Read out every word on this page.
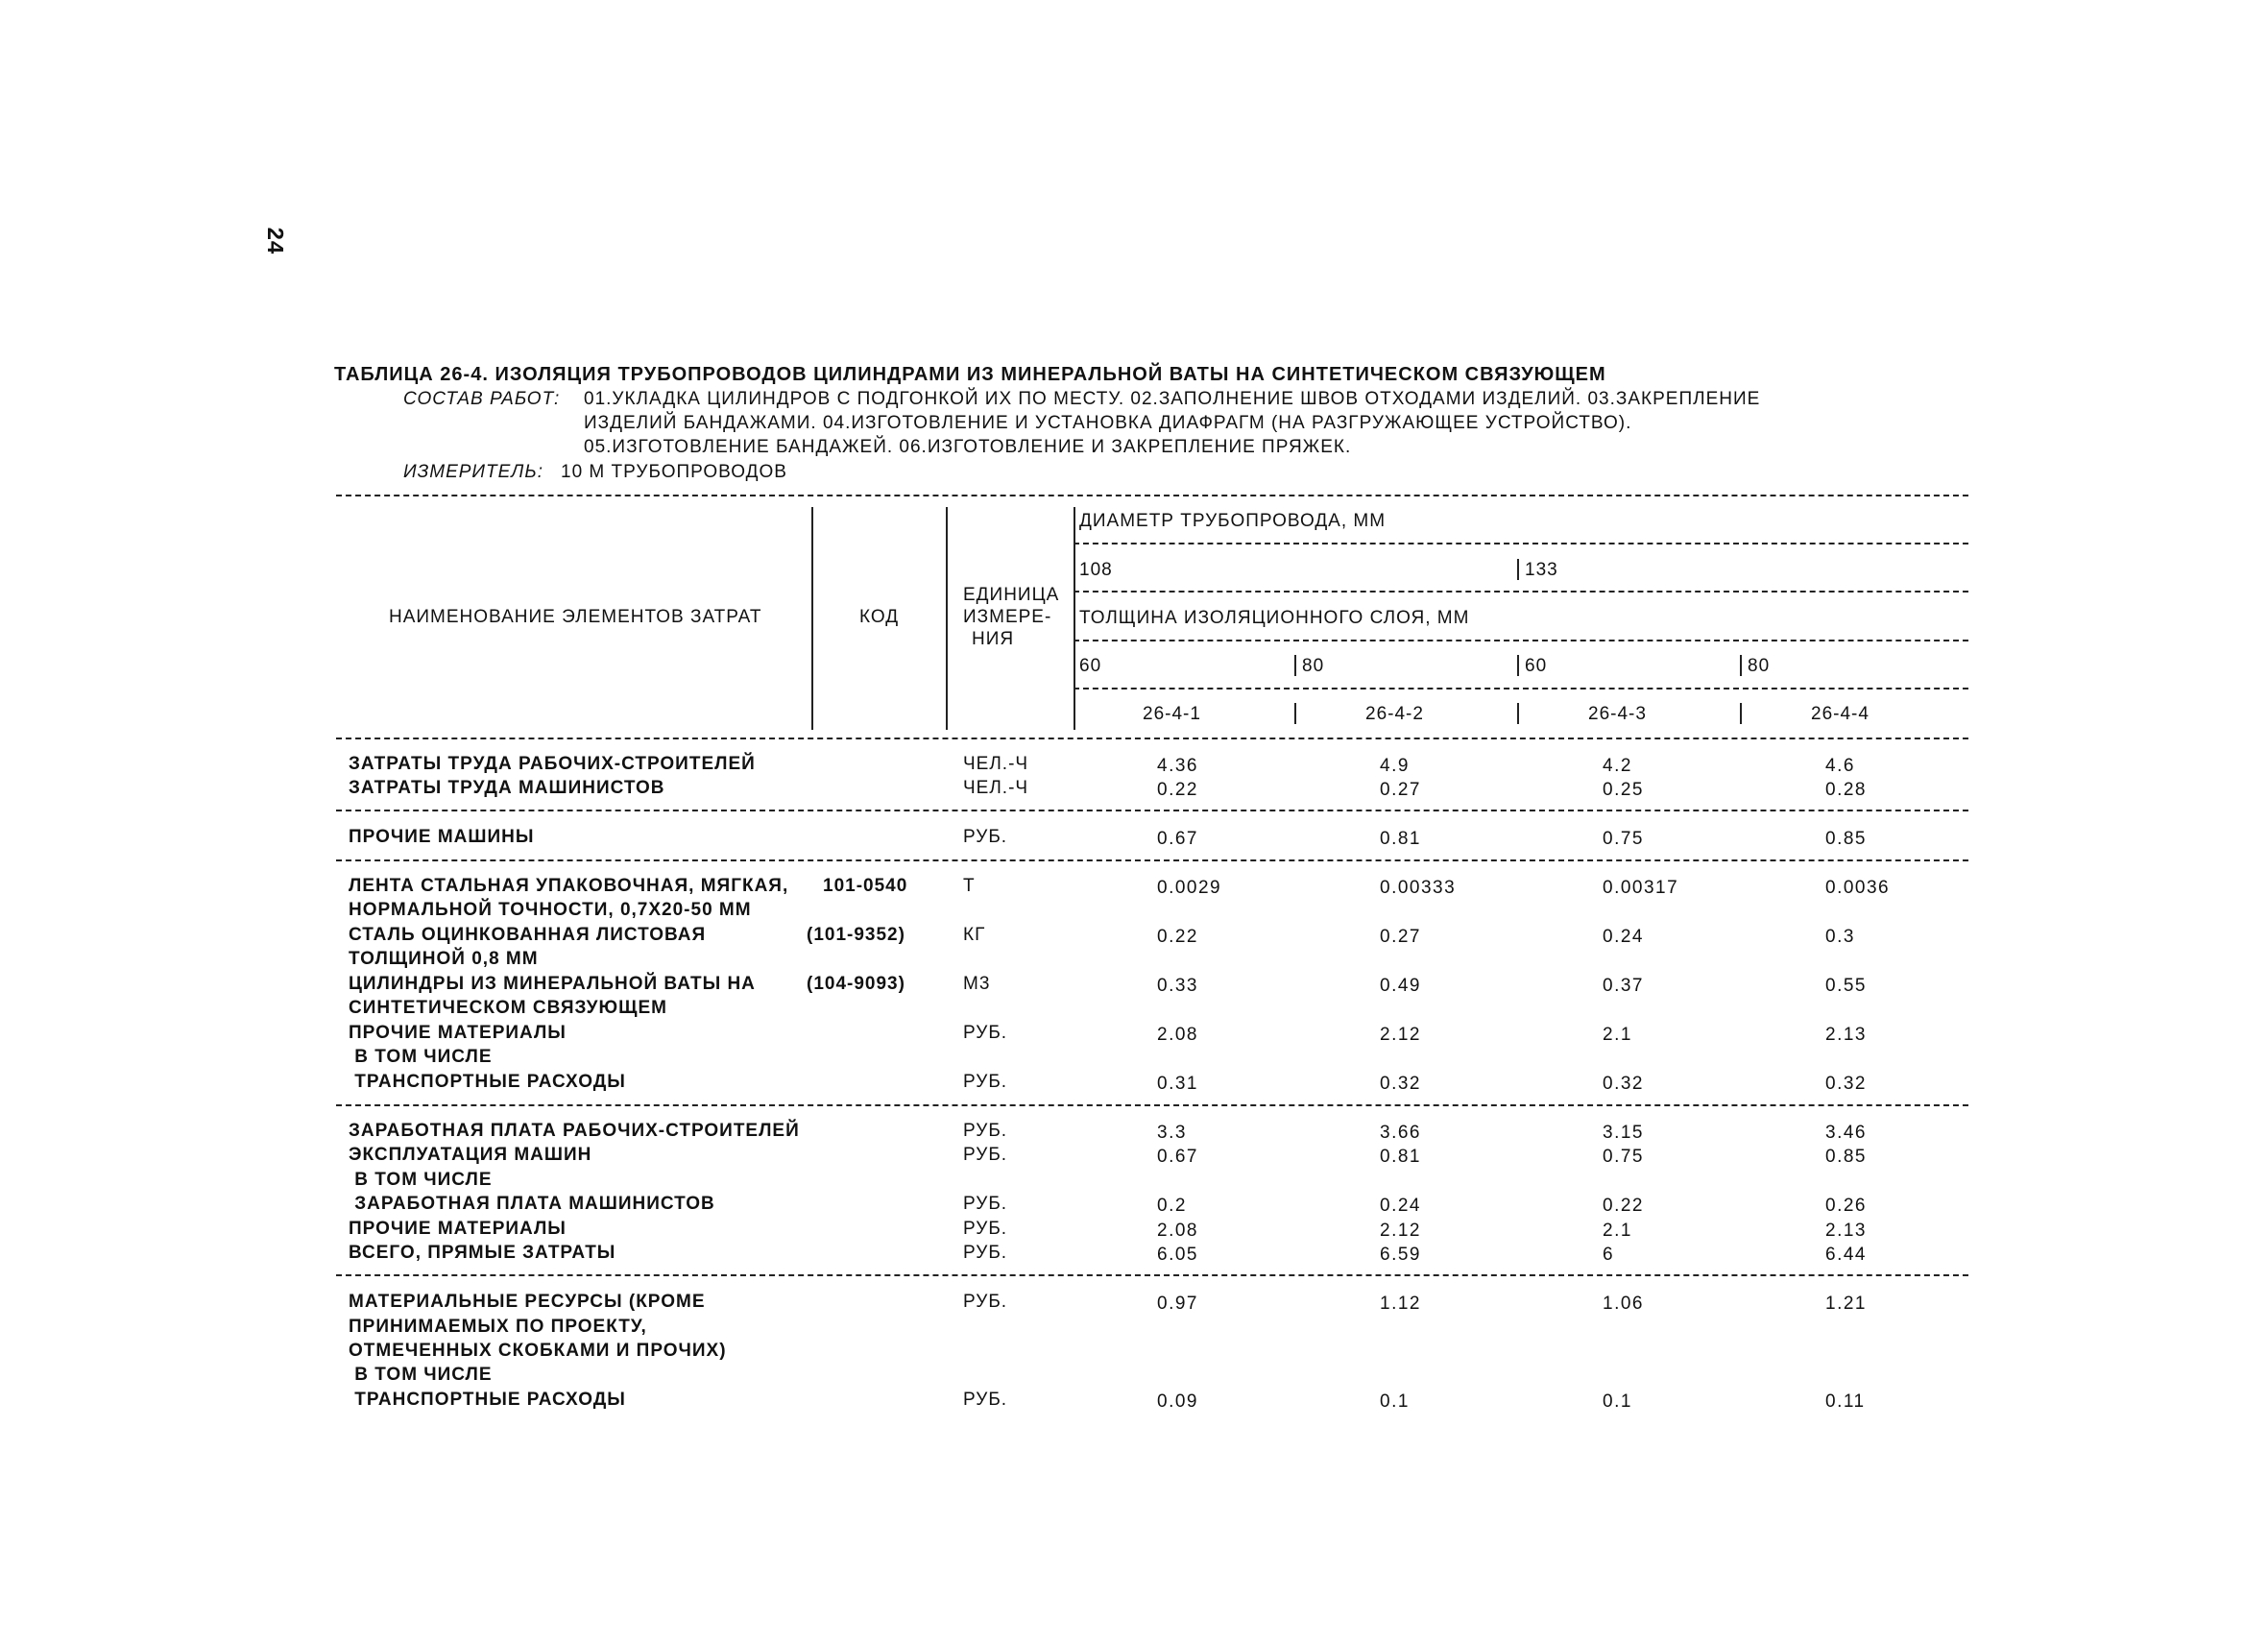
24
ТАБЛИЦА 26-4. ИЗОЛЯЦИЯ ТРУБОПРОВОДОВ ЦИЛИНДРАМИ ИЗ МИНЕРАЛЬНОЙ ВАТЫ НА СИНТЕТИЧЕСКОМ СВЯЗУЮЩЕМ
СОСТАВ РАБОТ: 01.УКЛАДКА ЦИЛИНДРОВ С ПОДГОНКОЙ ИХ ПО МЕСТУ. 02.ЗАПОЛНЕНИЕ ШВОВ ОТХОДАМИ ИЗДЕЛИЙ. 03.ЗАКРЕПЛЕНИЕ
ИЗДЕЛИЙ БАНДАЖАМИ. 04.ИЗГОТОВЛЕНИЕ И УСТАНОВКА ДИАФРАГМ (НА РАЗГРУЖАЮЩЕЕ УСТРОЙСТВО).
05.ИЗГОТОВЛЕНИЕ БАНДАЖЕЙ. 06.ИЗГОТОВЛЕНИЕ И ЗАКРЕПЛЕНИЕ ПРЯЖЕК.
ИЗМЕРИТЕЛЬ: 10 М ТРУБОПРОВОДОВ
НАИМЕНОВАНИЕ ЭЛЕМЕНТОВ ЗАТРАТ	КОД
ЕДИНИЦА
ИЗМЕРЕ-
НИЯ
ДИАМЕТР ТРУБОПРОВОДА, ММ
108	133
ТОЛЩИНА ИЗОЛЯЦИОННОГО СЛОЯ, ММ
60	80	60	80
26-4-1	26-4-2	26-4-3	26-4-4
ЗАТРАТЫ ТРУДА РАБОЧИХ-СТРОИТЕЛЕЙ	ЧЕЛ.-Ч	4.36	4.9	4.2	4.6
ЗАТРАТЫ ТРУДА МАШИНИСТОВ	ЧЕЛ.-Ч	0.22	0.27	0.25	0.28
ПРОЧИЕ МАШИНЫ	РУБ.	0.67	0.81	0.75	0.85
ЛЕНТА СТАЛЬНАЯ УПАКОВОЧНАЯ, МЯГКАЯ, 101-0540	Т	0.0029	0.00333	0.00317	0.0036
НОРМАЛЬНОЙ ТОЧНОСТИ, 0,7Х20-50 ММ
СТАЛЬ ОЦИНКОВАННАЯ ЛИСТОВАЯ	(101-9352)	КГ	0.22	0.27	0.24	0.3
ТОЛЩИНОЙ 0,8 ММ
ЦИЛИНДРЫ ИЗ МИНЕРАЛЬНОЙ ВАТЫ НА	(104-9093)	М3	0.33	0.49	0.37	0.55
СИНТЕТИЧЕСКОМ СВЯЗУЮЩЕМ
ПРОЧИЕ МАТЕРИАЛЫ	РУБ.	2.08	2.12	2.1	2.13
В ТОМ ЧИСЛЕ
ТРАНСПОРТНЫЕ РАСХОДЫ	РУБ.	0.31	0.32	0.32	0.32
ЗАРАБОТНАЯ ПЛАТА РАБОЧИХ-СТРОИТЕЛЕЙ	РУБ.	3.3	3.66	3.15	3.46
ЭКСПЛУАТАЦИЯ МАШИН	РУБ.	0.67	0.81	0.75	0.85
В ТОМ ЧИСЛЕ
ЗАРАБОТНАЯ ПЛАТА МАШИНИСТОВ	РУБ.	0.2	0.24	0.22	0.26
ПРОЧИЕ МАТЕРИАЛЫ	РУБ.	2.08	2.12	2.1	2.13
ВСЕГО, ПРЯМЫЕ ЗАТРАТЫ	РУБ.	6.05	6.59	6	6.44
МАТЕРИАЛЬНЫЕ РЕСУРСЫ (КРОМЕ	РУБ.	0.97	1.12	1.06	1.21
ПРИНИМАЕМЫХ ПО ПРОЕКТУ,
ОТМЕЧЕННЫХ СКОБКАМИ И ПРОЧИХ)
В ТОМ ЧИСЛЕ
ТРАНСПОРТНЫЕ РАСХОДЫ	РУБ.	0.09	0.1	0.1	0.11
